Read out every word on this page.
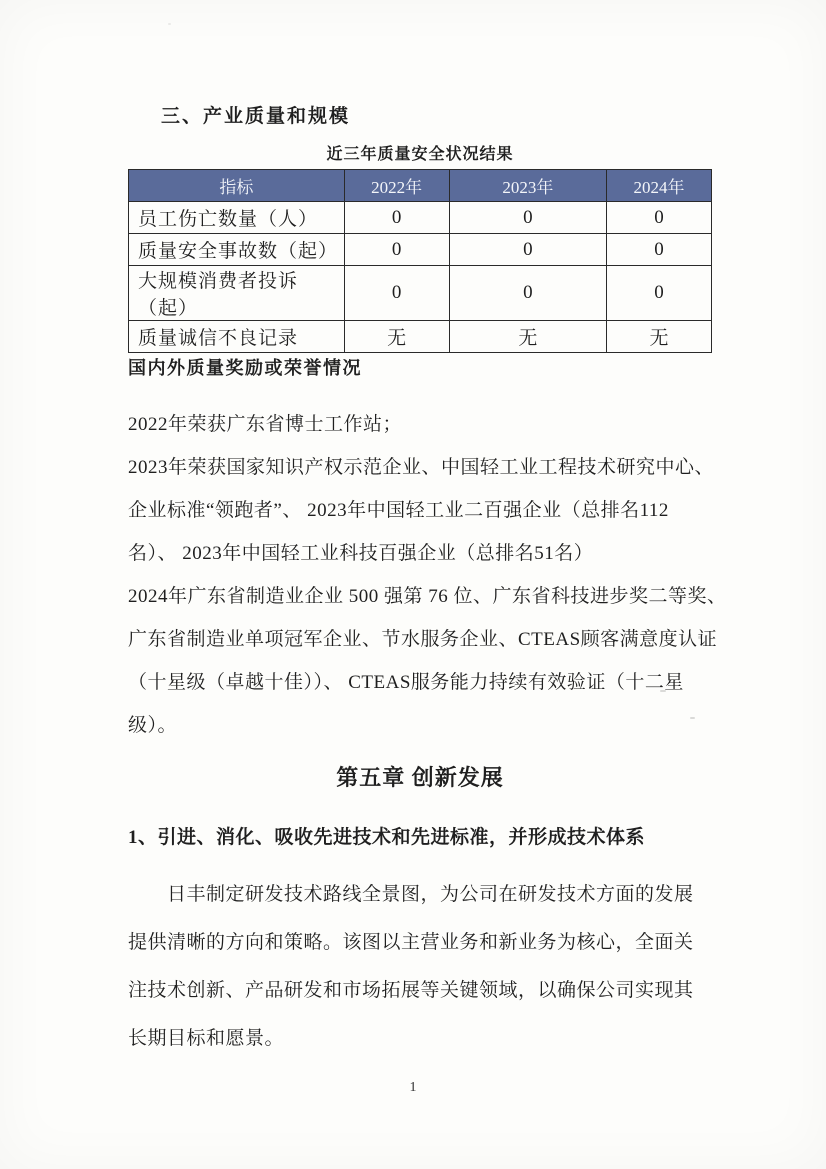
三、产业质量和规模
近三年质量安全状况结果
指标	2022年	2023年	2024年
员工伤亡数量（人）	0	0	0
质量安全事故数（起）	0	0	0
大规模消费者投诉（起）	0	0	0
质量诚信不良记录	无	无	无
国内外质量奖励或荣誉情况
2022年荣获广东省博士工作站；
2023年荣获国家知识产权示范企业、中国轻工业工程技术研究中心、
企业标准“领跑者”、 2023年中国轻工业二百强企业（总排名112
名）、 2023年中国轻工业科技百强企业（总排名51名）
2024年广东省制造业企业 500 强第 76 位、广东省科技进步奖二等奖、
广东省制造业单项冠军企业、节水服务企业、CTEAS顾客满意度认证
（十星级（卓越十佳））、 CTEAS服务能力持续有效验证（十二星
级）。
第五章 创新发展
1、引进、消化、吸收先进技术和先进标准，并形成技术体系
日丰制定研发技术路线全景图，为公司在研发技术方面的发展
提供清晰的方向和策略。该图以主营业务和新业务为核心，全面关
注技术创新、产品研发和市场拓展等关键领域，以确保公司实现其
长期目标和愿景。
1
